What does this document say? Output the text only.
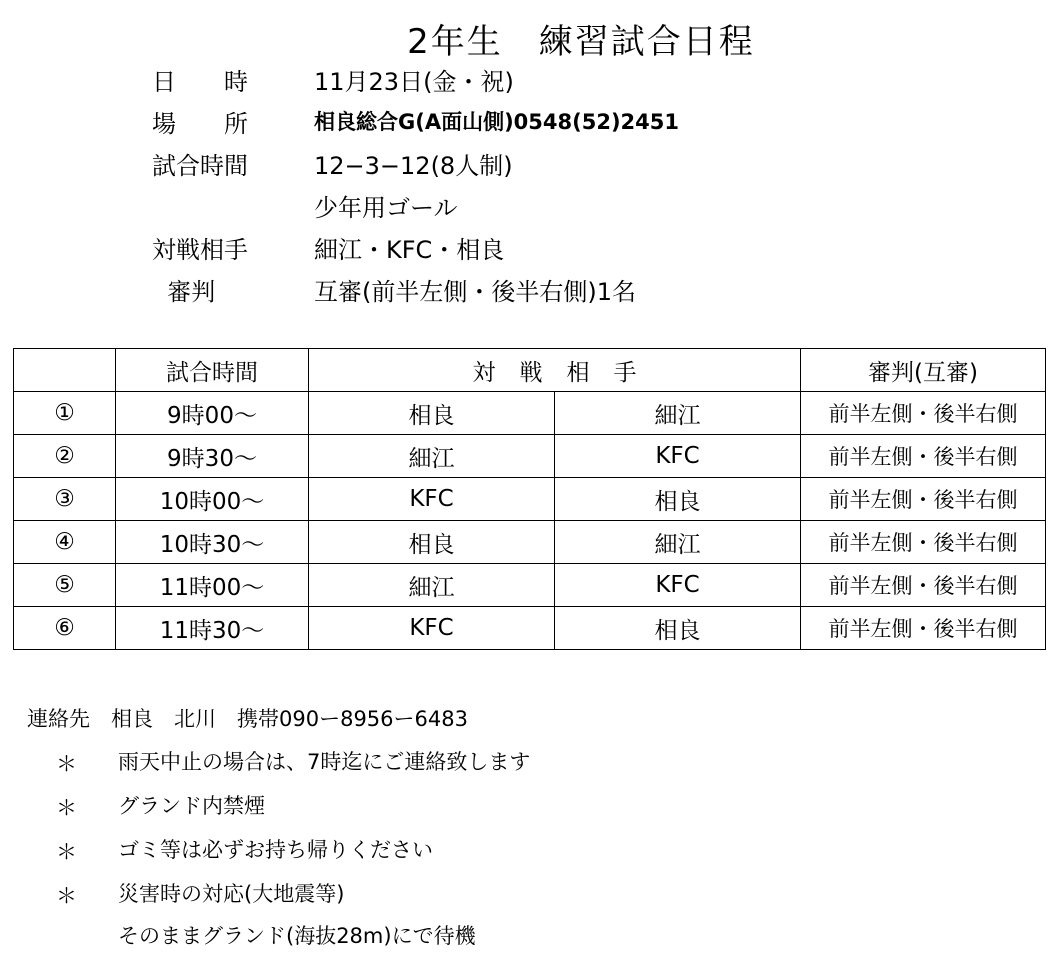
2年生　練習試合日程
日　　時	11月23日(金・祝)
場　　所	相良総合G(A面山側)0548(52)2451
試合時間	12−3−12(8人制)
少年用ゴール
対戦相手	細江・KFC・相良
審判	互審(前半左側・後半右側)1名
	試合時間	対戦相手		審判(互審)
①	9時00〜	相良	細江	前半左側・後半右側
②	9時30〜	細江	KFC	前半左側・後半右側
③	10時00〜	KFC	相良	前半左側・後半右側
④	10時30〜	相良	細江	前半左側・後半右側
⑤	11時00〜	細江	KFC	前半左側・後半右側
⑥	11時30〜	KFC	相良	前半左側・後半右側
連絡先　相良　北川　携帯090ー8956ー6483
＊ 雨天中止の場合は、7時迄にご連絡致します
＊ グランド内禁煙
＊ ゴミ等は必ずお持ち帰りください
＊ 災害時の対応(大地震等)
そのままグランド(海抜28m)にで待機
